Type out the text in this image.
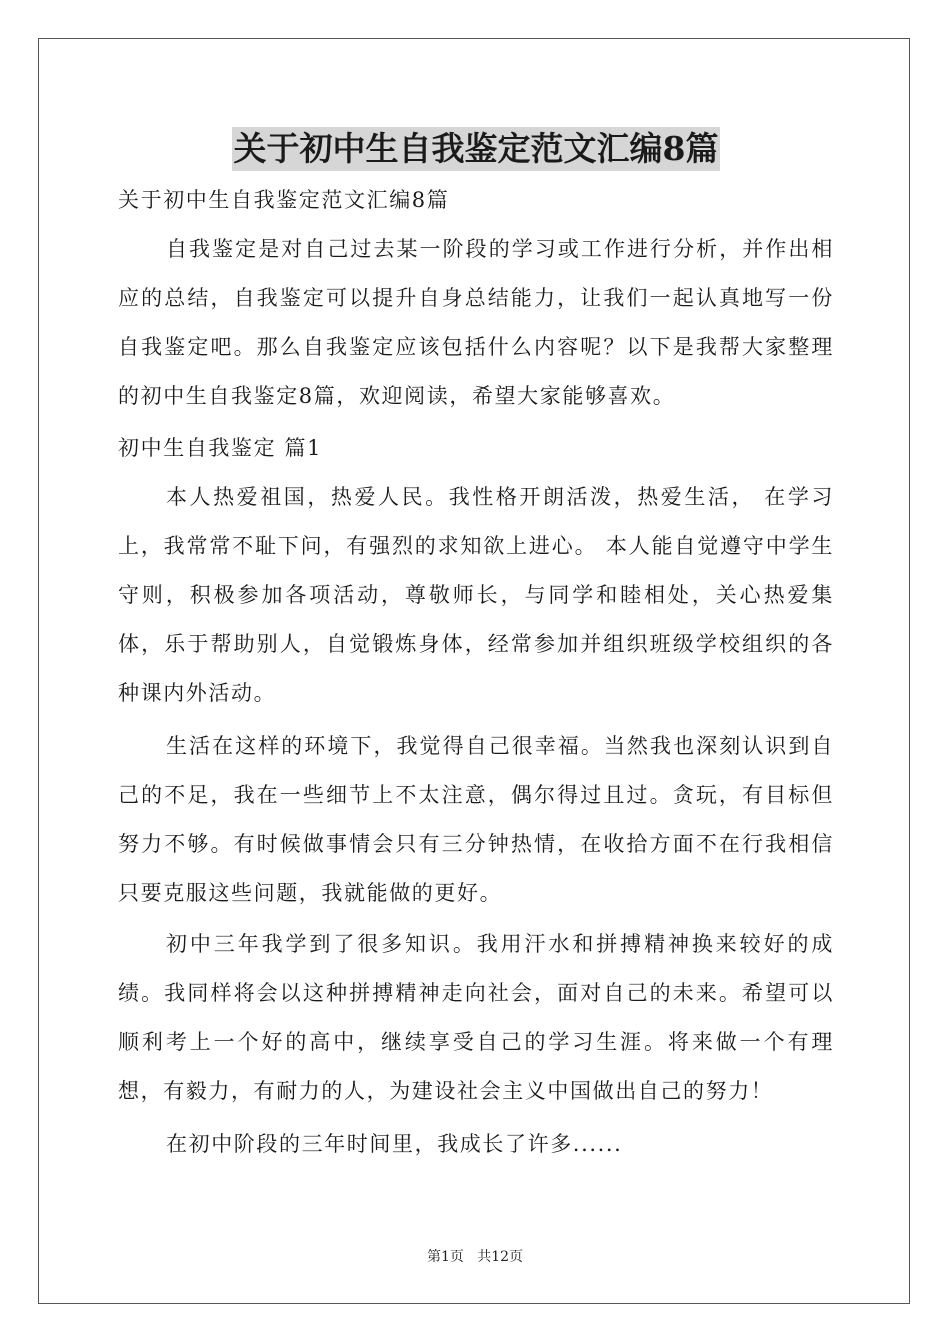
关于初中生自我鉴定范文汇编8篇
关于初中生自我鉴定范文汇编8篇
自我鉴定是对自己过去某一阶段的学习或工作进行分析，并作出相应的总结，自我鉴定可以提升自身总结能力，让我们一起认真地写一份自我鉴定吧。那么自我鉴定应该包括什么内容呢？以下是我帮大家整理的初中生自我鉴定8篇，欢迎阅读，希望大家能够喜欢。
初中生自我鉴定 篇1
本人热爱祖国，热爱人民。我性格开朗活泼，热爱生活， 在学习上，我常常不耻下问，有强烈的求知欲上进心。 本人能自觉遵守中学生守则，积极参加各项活动，尊敬师长，与同学和睦相处，关心热爱集体，乐于帮助别人，自觉锻炼身体，经常参加并组织班级学校组织的各种课内外活动。
生活在这样的环境下，我觉得自己很幸福。当然我也深刻认识到自己的不足，我在一些细节上不太注意，偶尔得过且过。贪玩，有目标但努力不够。有时候做事情会只有三分钟热情，在收拾方面不在行我相信只要克服这些问题，我就能做的更好。
初中三年我学到了很多知识。我用汗水和拼搏精神换来较好的成绩。我同样将会以这种拼搏精神走向社会，面对自己的未来。希望可以顺利考上一个好的高中，继续享受自己的学习生涯。将来做一个有理想，有毅力，有耐力的人，为建设社会主义中国做出自己的努力！
在初中阶段的三年时间里，我成长了许多......
第1页   共12页
